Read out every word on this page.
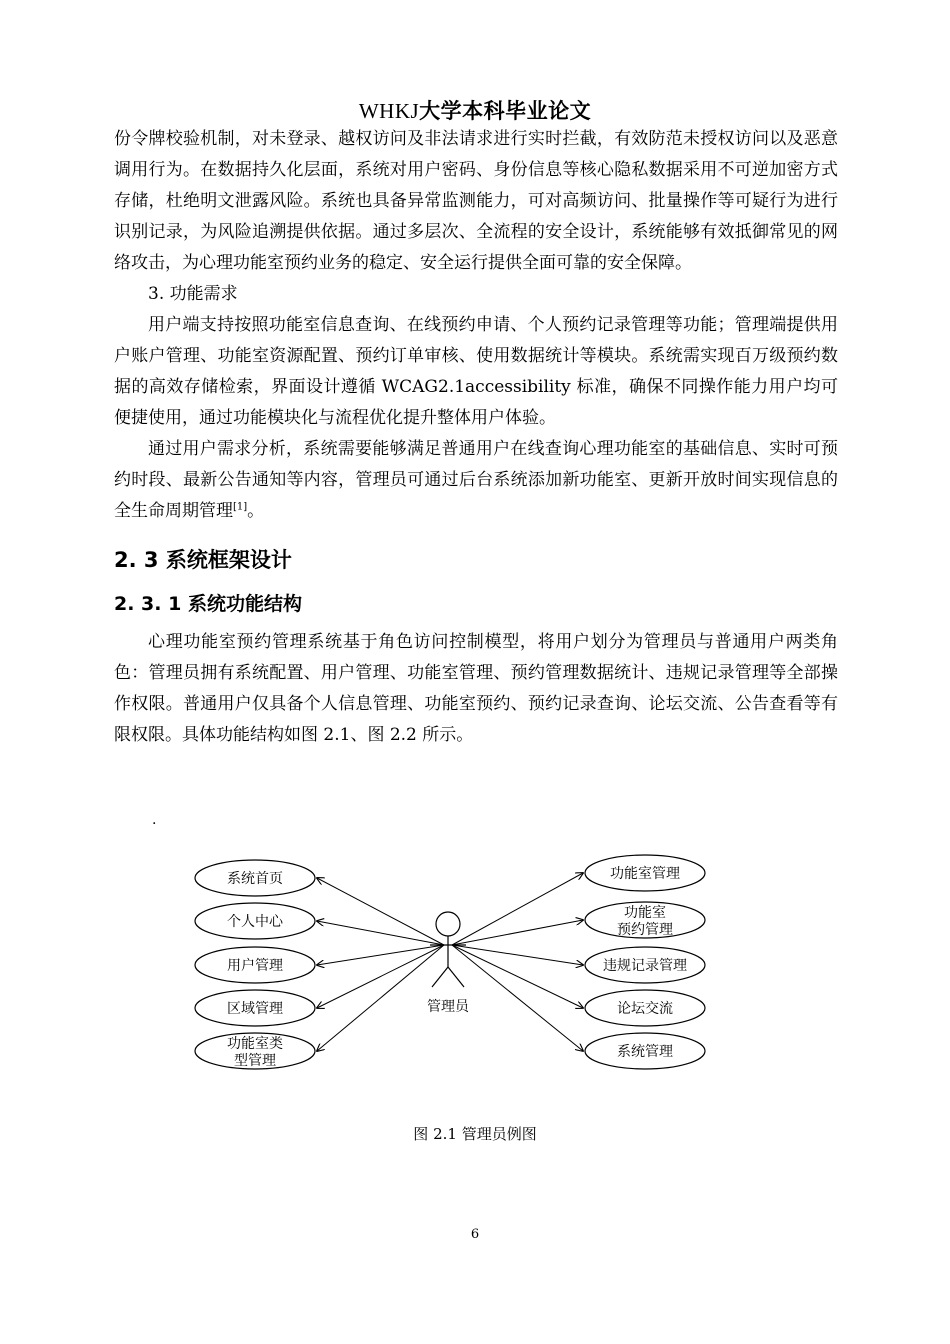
WHKJ大学本科毕业论文

份令牌校验机制，对未登录、越权访问及非法请求进行实时拦截，有效防范未授权访问以及恶意调用行为。在数据持久化层面，系统对用户密码、身份信息等核心隐私数据采用不可逆加密方式存储，杜绝明文泄露风险。系统也具备异常监测能力，可对高频访问、批量操作等可疑行为进行识别记录，为风险追溯提供依据。通过多层次、全流程的安全设计，系统能够有效抵御常见的网络攻击，为心理功能室预约业务的稳定、安全运行提供全面可靠的安全保障。

3. 功能需求

用户端支持按照功能室信息查询、在线预约申请、个人预约记录管理等功能；管理端提供用户账户管理、功能室资源配置、预约订单审核、使用数据统计等模块。系统需实现百万级预约数据的高效存储检索，界面设计遵循 WCAG2.1accessibility 标准，确保不同操作能力用户均可便捷使用，通过功能模块化与流程优化提升整体用户体验。

通过用户需求分析，系统需要能够满足普通用户在线查询心理功能室的基础信息、实时可预约时段、最新公告通知等内容，管理员可通过后台系统添加新功能室、更新开放时间实现信息的全生命周期管理[1]。

2. 3 系统框架设计
2. 3. 1 系统功能结构

心理功能室预约管理系统基于角色访问控制模型，将用户划分为管理员与普通用户两类角色：管理员拥有系统配置、用户管理、功能室管理、预约管理数据统计、违规记录管理等全部操作权限。普通用户仅具备个人信息管理、功能室预约、预约记录查询、论坛交流、公告查看等有限权限。具体功能结构如图 2.1、图 2.2 所示。

.
管理员
系统首页
个人中心
用户管理
区域管理
功能室类
型管理
功能室管理
功能室
预约管理
违规记录管理
论坛交流
系统管理
图 2.1 管理员例图
6
